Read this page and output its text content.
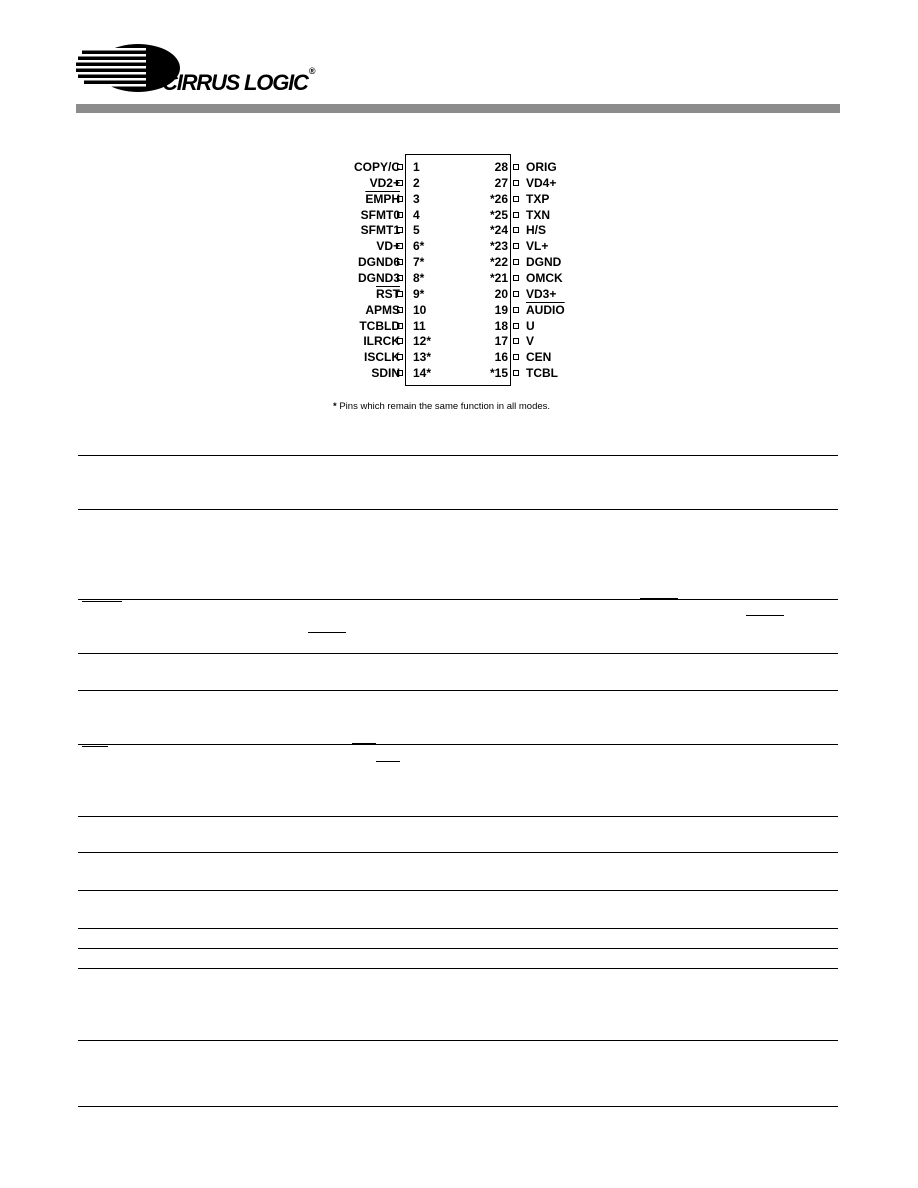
CIRRUS LOGIC®
COPY/C 1
VD2+ 2
EMPH 3
SFMT0 4
SFMT1 5
VD+ 6*
DGND6 7*
DGND3 8*
$\overline{RST}$ 9*
APMS 10
TCBLD 11
ILRCK 12*
ISCLK 13*
SDIN 14*
28 ORIG
27 VD4+
*26 TXP
*25 TXN
*24 H/S
*23 VL+
*22 DGND
*21 OMCK
20 VD3+
19 AUDIO
18 U
17 V
16 CEN
*15 TCBL
* Pins which remain the same function in all modes.
